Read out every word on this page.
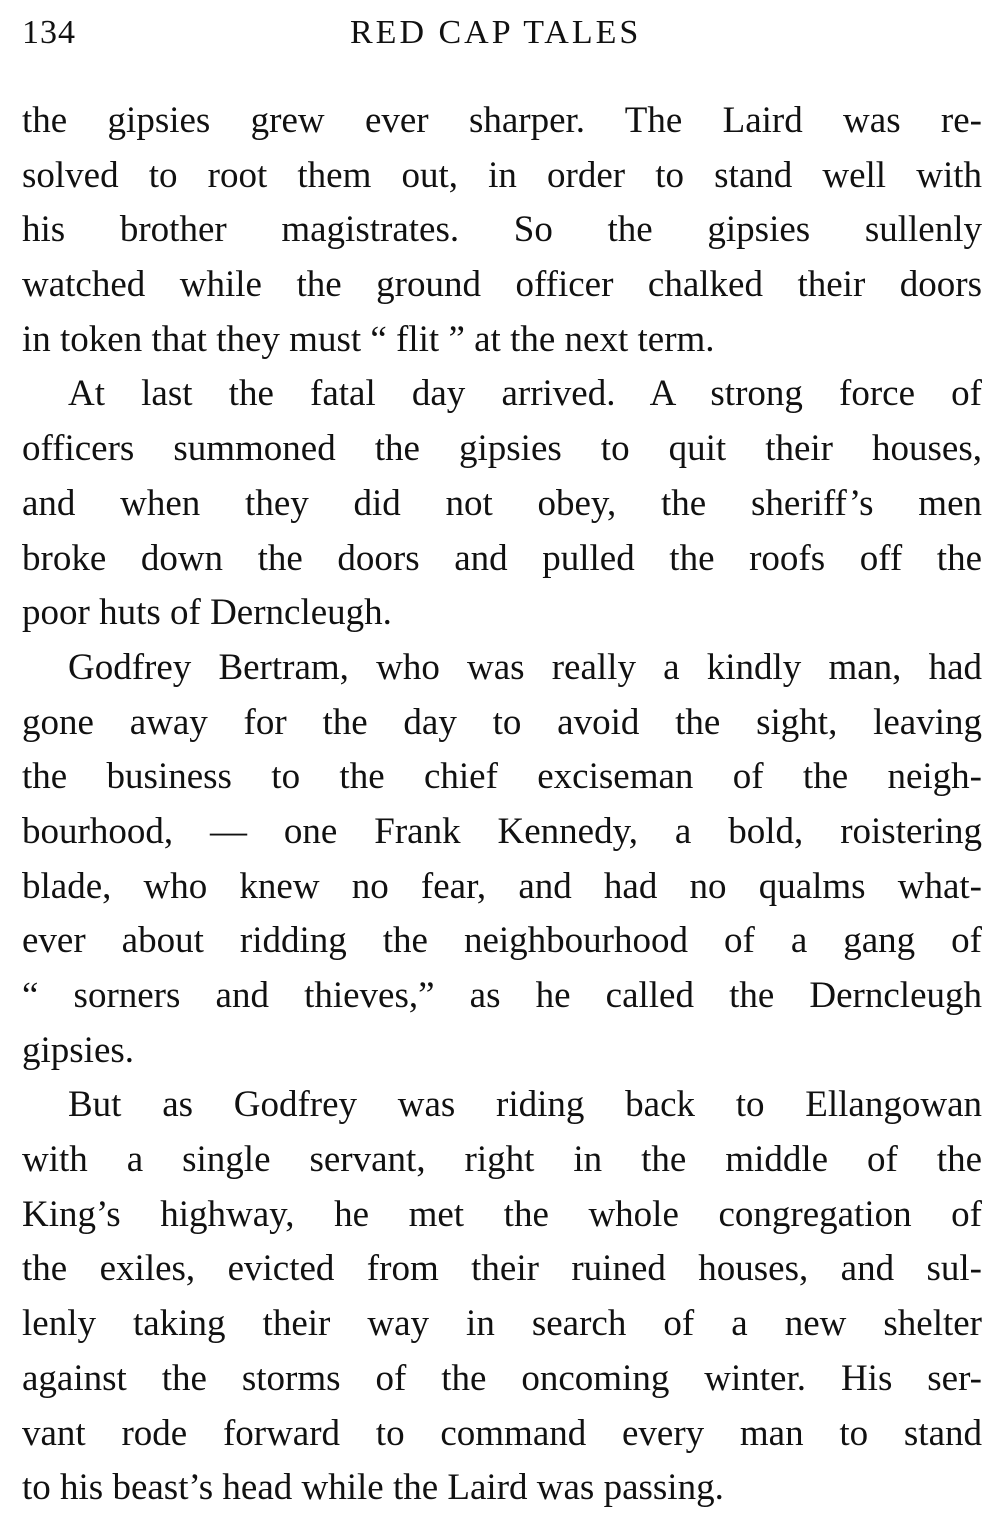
134	RED CAP TALES
the gipsies grew ever sharper. The Laird was re-
solved to root them out, in order to stand well with
his brother magistrates. So the gipsies sullenly
watched while the ground officer chalked their doors
in token that they must “ flit ” at the next term.
At last the fatal day arrived. A strong force of
officers summoned the gipsies to quit their houses,
and when they did not obey, the sheriff’s men
broke down the doors and pulled the roofs off the
poor huts of Derncleugh.
Godfrey Bertram, who was really a kindly man, had
gone away for the day to avoid the sight, leaving
the business to the chief exciseman of the neigh-
bourhood, — one Frank Kennedy, a bold, roistering
blade, who knew no fear, and had no qualms what-
ever about ridding the neighbourhood of a gang of
“ sorners and thieves,” as he called the Derncleugh
gipsies.
But as Godfrey was riding back to Ellangowan
with a single servant, right in the middle of the
King’s highway, he met the whole congregation of
the exiles, evicted from their ruined houses, and sul-
lenly taking their way in search of a new shelter
against the storms of the oncoming winter. His ser-
vant rode forward to command every man to stand
to his beast’s head while the Laird was passing.
